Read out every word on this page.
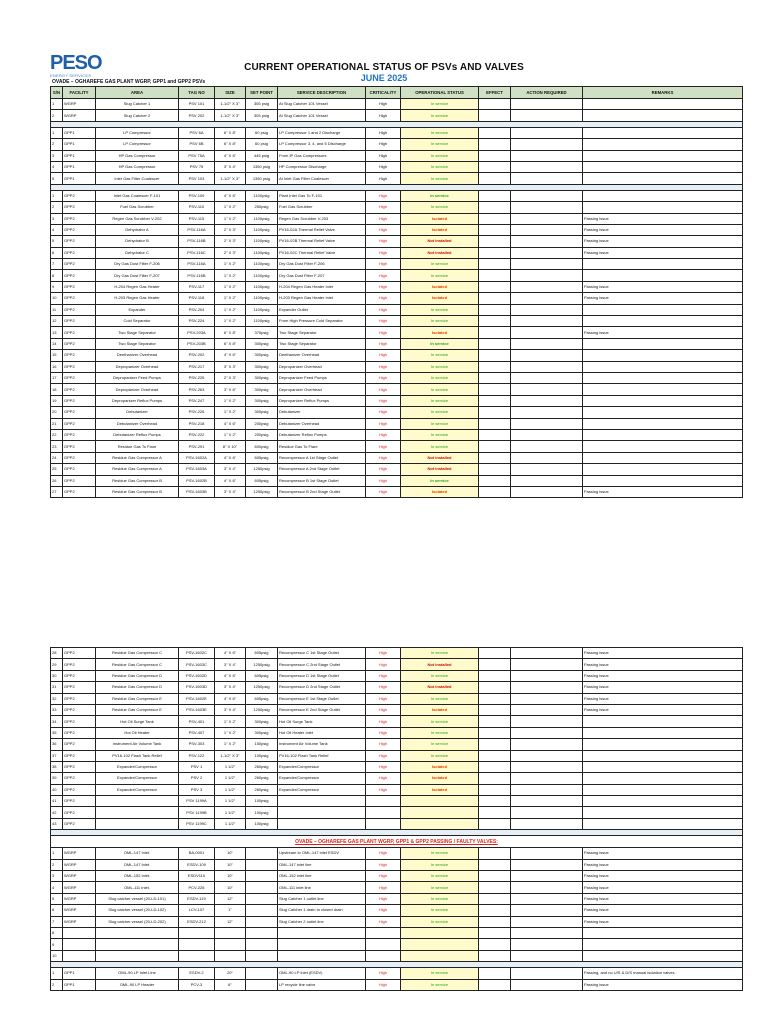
PESO
ENERGY SERVICES
CURRENT OPERATIONAL STATUS OF PSVs AND VALVES
JUNE 2025
OVADE – OGHAREFE GAS PLANT WGRP, GPP1 and GPP2 PSVs
S/N	FACILITY	AREA	TAG NO	SIZE	SET POINT	SERVICE DESCRIPTION	CRITICALITY	OPERATIONAL STATUS	EFFECT	ACTION REQUIRED	REMARKS
1	WGRP	Slug Catcher 1	PSV 101	1-1/2" X 3"	305 psig	At Slug Catcher 101 Vessel	High	In service			
2	WGRP	Slug Catcher 2	PSV 202	1-1/2" X 3"	305 psig	At Slug Catcher 101 Vessel	High	In service			

1	GPP1	LP Compressor	PSV 6A	6" X 8"	60 psig	LP Compressor 1 and 2 Discharge	High	In service			
2	GPP1	LP Compressor	PSV 6B	6" X 8"	60 psig	LP Compressor 3, 4, and 5 Discharge	High	In service			
3	GPP1	HP Gas Compressor	PSV 75A	4" X 6"	445 psig	From IP Gas Compressors	High	In service			
4	GPP1	HP Gas Compressor	PSV 75	3" X 4"	1350 psig	HP Compressor Discharge	High	In service			
5	GPP1	Inlet Gas Filter Coalescer	PSV 103	1-1/2" X 3"	1350 psig	At Inlet Gas Filter Coalescer	High	In service			

1	GPP2	Inlet Gas Coalescer F-101	PSV-109	4" X 6"	1100psig	Plant Inlet Gas To F-101	High	In service			
2	GPP2	Fuel Gas Scrubber	PSV-110	1" X 2"	250psig	Fuel Gas Scrubber	High	In service			
3	GPP2	Regen Gas Scrubber V-202	PSV-115	1" X 2"	1100psig	Regen Gas Scrubber V-203	High	Isolated			Passing issue
4	GPP2	Dehydrator A	PSV-116A	2" X 3"	1100psig	PV16-02A Thermal Relief Valve	High	Isolated			Passing issue
5	GPP2	Dehydrator B	PSV-116B	2" X 3"	1100psig	PV16-02B Thermal Relief Valve	High	Not installed			Passing issue
6	GPP2	Dehydrator C	PSV-116C	2" X 3"	1100psig	PV16-02C Thermal Relief Valve	High	Not installed			Passing issue
7	GPP2	Dry Gas Dust Filter F-206	PSV-116A	1" X 2"	1100psig	Dry Gas Dust Filter F-206	High	In service			
8	GPP2	Dry Gas Dust Filter F-207	PSV-116B	1" X 2"	1100psig	Dry Gas Dust Filter F-207	High	In service			
9	GPP2	H-204 Regen Gas Heater	PSV-117	1" X 2"	1100psig	H-204 Regen Gas Heater Inlet	High	Isolated			Passing issue
10	GPP2	H-203 Regen Gas Heater	PSV-118	1" X 2"	1100psig	H-203 Regen Gas Heater Inlet	High	Isolated			Passing issue
11	GPP2	Expander	PSV-204	1" X 2"	1100psig	Expander Outlet	High	In service			
12	GPP2	Cold Separator	PSV-224	1" X 2"	1100psig	From High Pressure Cold Separator	High	In service			
13	GPP2	Two Stage Separator	PSV-203A	6" X 8"	375psig	Two Stage Separator	High	Isolated			Passing issue
14	GPP2	Two Stage Separator	PSV-203B	6" X 8"	300psig	Two Stage Separator	High	In service			
15	GPP2	Deethanizer Overhead	PSV-202	4" X 6"	300psig	Deethanizer Overhead	High	In service			
16	GPP2	Depropanizer Overhead	PSV-217	3" X 3"	300psig	Depropanizer Overhead	High	In service			
17	GPP2	Depropanizer Feed Pumps	PSV-225	2" X 3"	300psig	Depropanizer Feed Pumps	High	In service			
18	GPP2	Depropanizer Overhead	PSV-263	3" X 6"	300psig	Depropanizer Overhead	High	In service			
19	GPP2	Depropanizer Reflux Pumps	PSV-247	1" X 2"	300psig	Depropanizer Reflux Pumps	High	In service			
20	GPP2	Debutanizer	PSV-226	1" X 2"	300psig	Debutanizer	High	In service			
21	GPP2	Debutanizer Overhead	PSV-218	4" X 6"	200psig	Debutanizer Overhead	High	In service			
22	GPP2	Debutanizer Reflux Pumps	PSV-222	1" X 2"	200psig	Debutanizer Reflux Pumps	High	In service			
23	GPP2	Residue Gas To Flare	PSV-291	8" X 10"	600psig	Residue Gas To Flare	High	In service			
24	GPP2	Residue Gas Compressor A	PSV-1602A	4" X 6"	605psig	Recompressor A 1st Stage Outlet	High	Not installed			
25	GPP2	Residue Gas Compressor A	PSV-1603A	3" X 4"	1250psig	Recompressor A 2nd Stage Outlet	High	Not installed			
26	GPP2	Residue Gas Compressor B	PSV-1602B	4" X 6"	605psig	Recompressor B 1st Stage Outlet	High	In service			
27	GPP2	Residue Gas Compressor B	PSV-1603B	3" X 4"	1250psig	Recompressor B 2nd Stage Outlet	High	Isolated			Passing issue
28	GPP2	Residue Gas Compressor C	PSV-1602C	4" X 6"	605psig	Recompressor C 1st Stage Outlet	High	In service			Passing issue
29	GPP2	Residue Gas Compressor C	PSV-1603C	3" X 4"	1250psig	Recompressor C 2nd Stage Outlet	High	Not installed			Passing issue
30	GPP2	Residue Gas Compressor D	PSV-1602D	4" X 6"	605psig	Recompressor D 1st Stage Outlet	High	In service			Passing issue
31	GPP2	Residue Gas Compressor D	PSV-1603D	3" X 4"	1250psig	Recompressor D 2nd Stage Outlet	High	Not installed			Passing issue
32	GPP2	Residue Gas Compressor E	PSV-1602E	4" X 6"	605psig	Recompressor E 1st Stage Outlet	High	In service			Passing issue
33	GPP2	Residue Gas Compressor E	PSV-1603E	3" X 4"	1250psig	Recompressor E 2nd Stage Outlet	High	Isolated			Passing issue
34	GPP2	Hot Oil Surge Tank	PSV-401	1" X 2"	300psig	Hot Oil Surge Tank	High	In service			
35	GPP2	Hot Oil Heater	PSV-407	1" X 2"	300psig	Hot Oil Heater Inlet	High	In service			
36	GPP2	Instrument Air Volume Tank	PSV-303	1" X 2"	150psig	Instrument Air Volume Tank	High	In service			
37	GPP2	PV16-102 Flash Tank Relief	PSV-122	1-1/2" X 3"	100psig	PV16-102 Flash Tank Relief	High	In service			
38	GPP2	Expander/Compressor	PSV 1	1 1/2"	260psig	Expander/Compressor	High	Isolated			
39	GPP2	Expander/Compressor	PSV 2	1 1/2"	260psig	Expander/Compressor	High	Isolated			
40	GPP2	Expander/Compressor	PSV 3	1 1/2"	260psig	Expander/Compressor	High	Isolated			
41	GPP2		PSV 1199A	1 1/2"	100psig						
42	GPP2		PSV 1199B	1 1/2"	100psig						
43	GPP2		PSV 1199C	1 1/2"	100psig						

OVADE – OGHAREFE GAS PLANT WGRP, GPP1 & GPP2 PASSING / FAULTY VALVES:											
1	WGRP	OML-147 Inlet.	BA-0001	10"		Upstream to OML-147 inlet ESDV	High	In service			Passing issue
2	WGRP	OML-147 Inlet.	ESDV-109	10"		OML-147 inlet line	High	In service			Passing issue
3	WGRP	OML-152 Inlet.	ESDV110	10"		OML-152 inlet line	High	In service			Passing issue
4	WGRP	OML-111 Inlet.	PCV-226	10"		OML-111 inlet line	High	In service			Passing issue
5	WGRP	Slug catcher vessel (20-LD-101)	ESDV-119	12"		Slug Catcher 1 outlet line	High	In service			Passing issue
6	WGRP	Slug catcher vessel (20-LD-102)	LCV-107	1"		Slug Catcher 1 drain to closed drain	High	In service			Passing issue
7	WGRP	Slug catcher vessel (20-LD-202)	ESDV-212	12"		Slug Catcher 2 outlet line	High	In service			Passing issue
8											
9											
10											

1	GPP1	OML-90 LP Inlet Line	ESDV-2	20"		OML-90 LP inlet (ESDV)	High	In service			Passing, and no U/S & D/S manual isolation valves.
2	GPP1	OML-90 LP Header	PCV-3	6"		LP recycle line valve	High	In service			Passing issue
